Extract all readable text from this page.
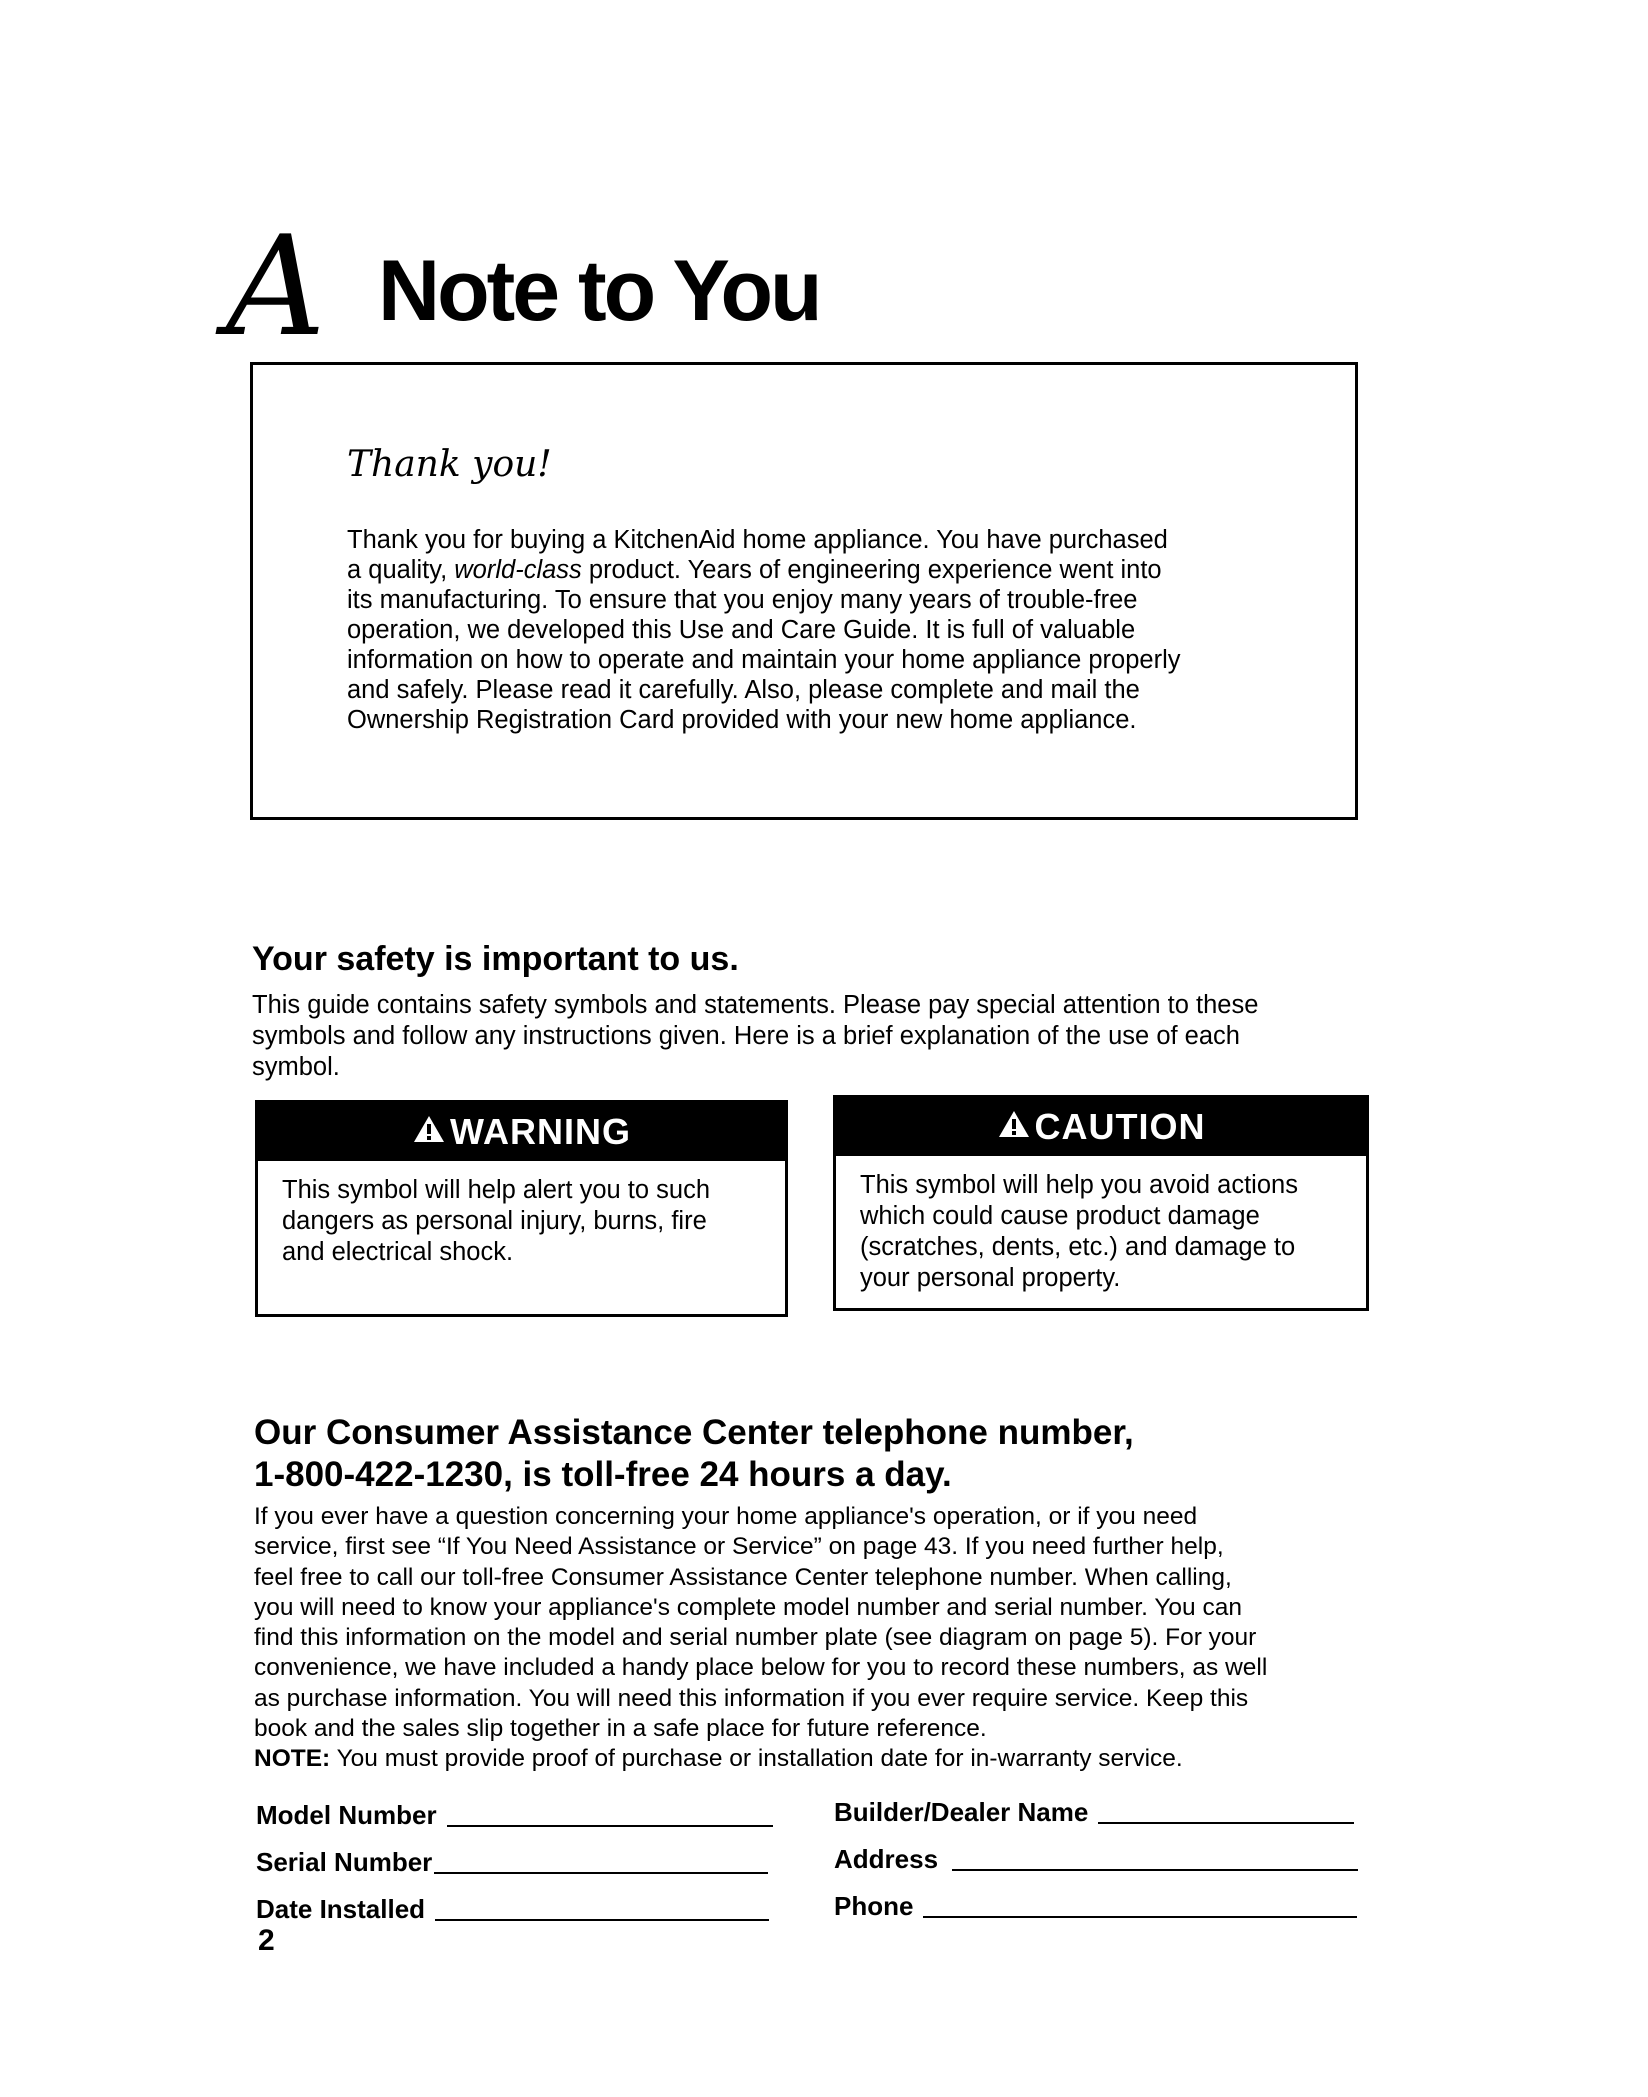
A Note to You
Thank you!
Thank you for buying a KitchenAid home appliance. You have purchased
a quality, world-class product. Years of engineering experience went into
its manufacturing. To ensure that you enjoy many years of trouble-free
operation, we developed this Use and Care Guide. It is full of valuable
information on how to operate and maintain your home appliance properly
and safely. Please read it carefully. Also, please complete and mail the
Ownership Registration Card provided with your new home appliance.
Your safety is important to us.
This guide contains safety symbols and statements. Please pay special attention to these
symbols and follow any instructions given. Here is a brief explanation of the use of each
symbol.
WARNING
This symbol will help alert you to such
dangers as personal injury, burns, fire
and electrical shock.
CAUTION
This symbol will help you avoid actions
which could cause product damage
(scratches, dents, etc.) and damage to
your personal property.
Our Consumer Assistance Center telephone number,
1-800-422-1230, is toll-free 24 hours a day.
If you ever have a question concerning your home appliance's operation, or if you need
service, first see “If You Need Assistance or Service” on page 43. If you need further help,
feel free to call our toll-free Consumer Assistance Center telephone number. When calling,
you will need to know your appliance's complete model number and serial number. You can
find this information on the model and serial number plate (see diagram on page 5). For your
convenience, we have included a handy place below for you to record these numbers, as well
as purchase information. You will need this information if you ever require service. Keep this
book and the sales slip together in a safe place for future reference.
NOTE: You must provide proof of purchase or installation date for in-warranty service.
Model Number
Serial Number
Date Installed
Builder/Dealer Name
Address
Phone
2
